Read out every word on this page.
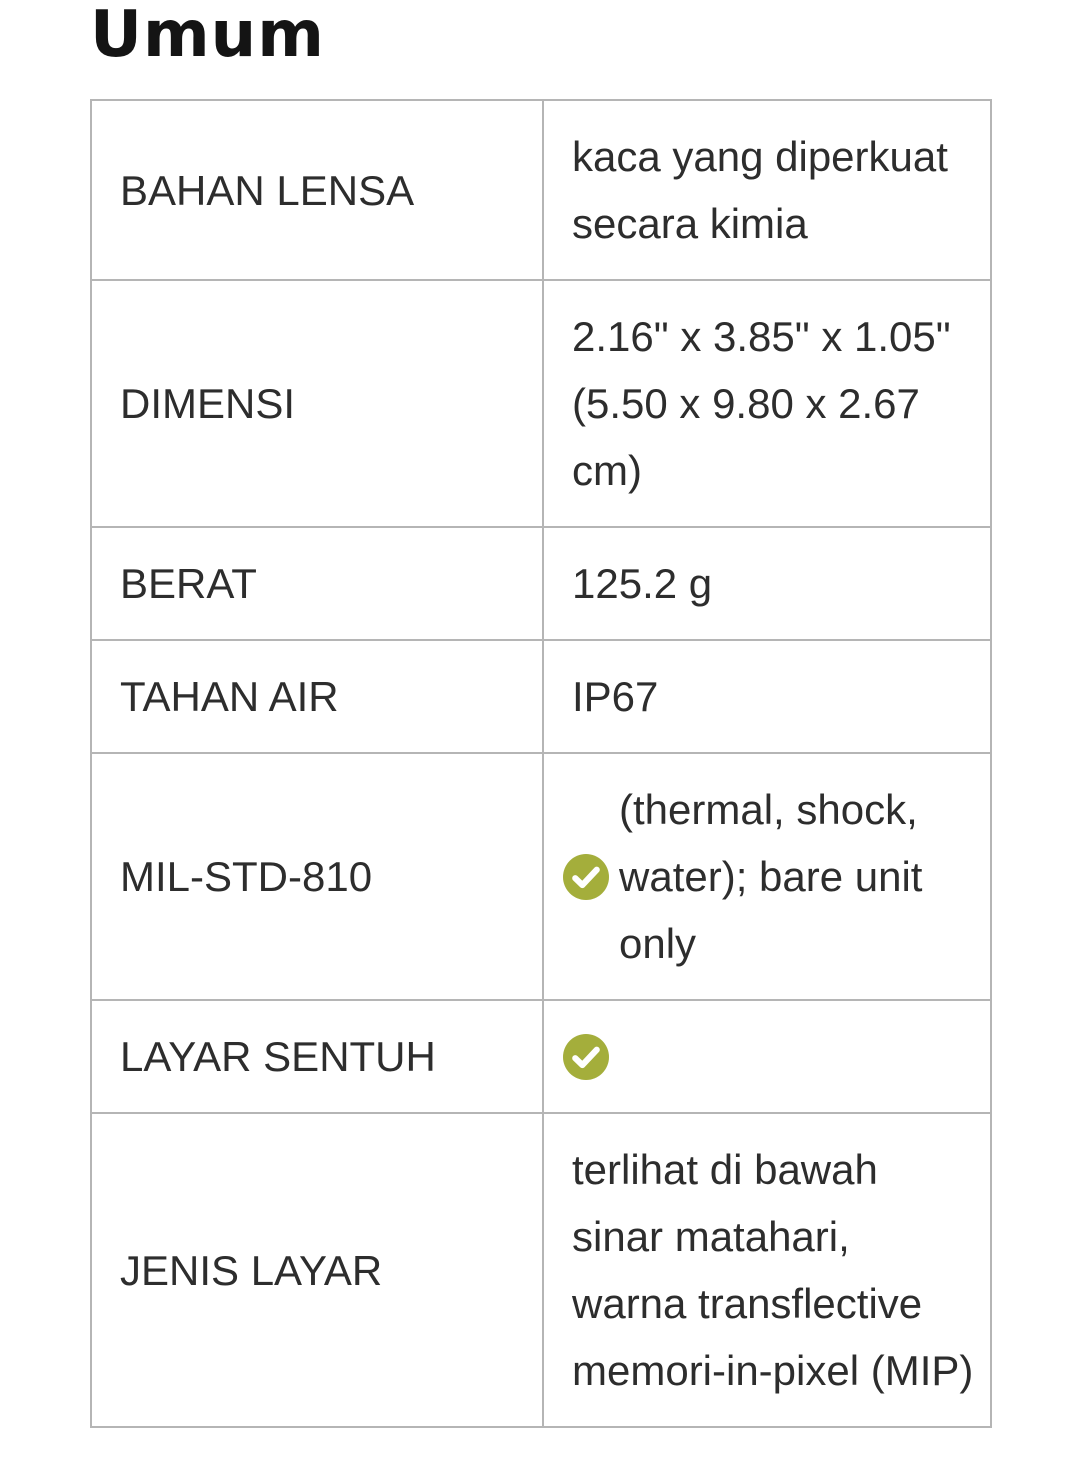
Umum
BAHAN LENSA	kaca yang diperkuat secara kimia

DIMENSI	2.16" x 3.85" x 1.05" (5.50 x 9.80 x 2.67 cm)

BERAT	125.2 g

TAHAN AIR	IP67

MIL-STD-810	(thermal, shock, water); bare unit only

LAYAR SENTUH	

JENIS LAYAR	terlihat di bawah sinar matahari, warna transflective memori-in-pixel (MIP)
